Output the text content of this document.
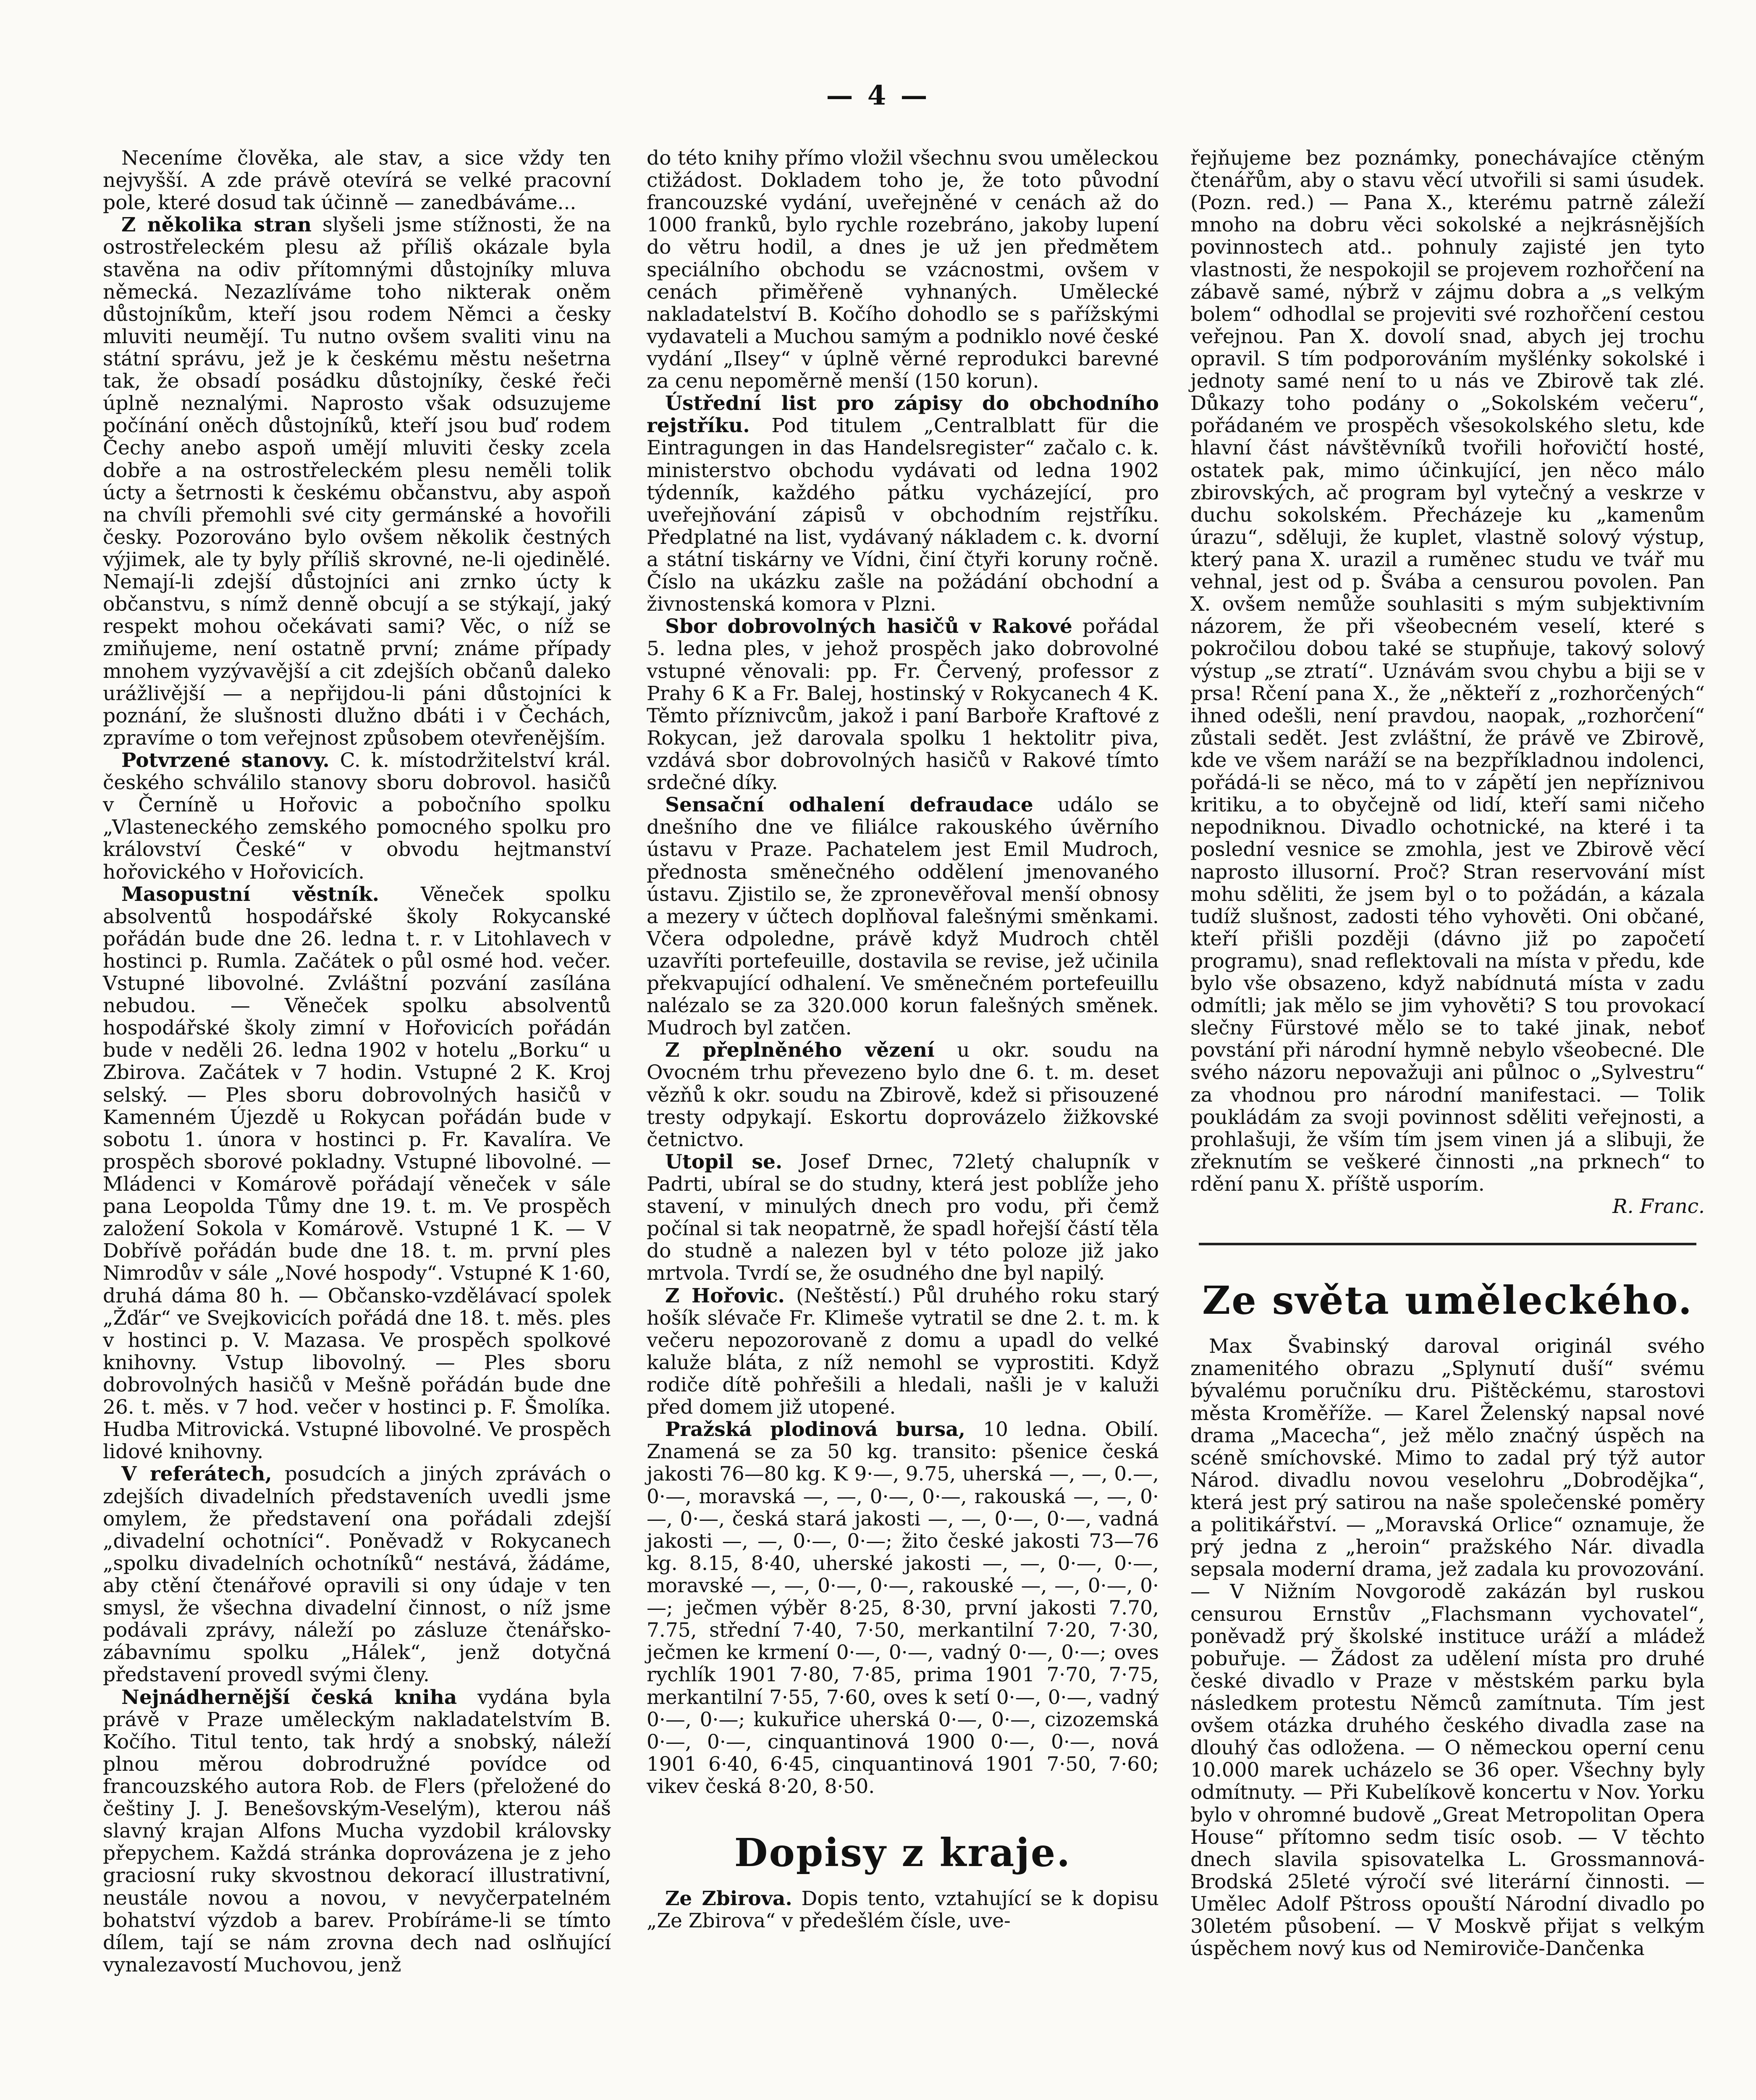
— 4 —

Neceníme člověka, ale stav, a sice vždy ten nejvyšší. A zde právě otevírá se velké pracovní pole, které dosud tak účinně — zanedbáváme...

Z několika stran slyšeli jsme stížnosti, že na ostrostřeleckém plesu až příliš okázale byla stavěna na odiv přítomnými důstojníky mluva německá. Nezazlíváme toho nikterak oněm důstojníkům, kteří jsou rodem Němci a česky mluviti neumějí. Tu nutno ovšem svaliti vinu na státní správu, jež je k českému městu nešetrna tak, že obsadí posádku důstojníky, české řeči úplně neznalými. Naprosto však odsuzujeme počínání oněch důstojníků, kteří jsou buď rodem Čechy anebo aspoň umějí mluviti česky zcela dobře a na ostrostřeleckém plesu neměli tolik úcty a šetrnosti k českému občanstvu, aby aspoň na chvíli přemohli své city germánské a hovořili česky. Pozorováno bylo ovšem několik čestných výjimek, ale ty byly příliš skrovné, ne-li ojedinělé. Nemají-li zdejší důstojníci ani zrnko úcty k občanstvu, s nímž denně obcují a se stýkají, jaký respekt mohou očekávati sami? Věc, o níž se zmiňujeme, není ostatně první; známe případy mnohem vyzývavější a cit zdejších občanů daleko urážlivější — a nepřijdou-li páni důstojníci k poznání, že slušnosti dlužno dbáti i v Čechách, zpravíme o tom veřejnost způsobem otevřenějším.

Potvrzené stanovy. C. k. místodržitelství král. českého schválilo stanovy sboru dobrovol. hasičů v Černíně u Hořovic a pobočního spolku „Vlasteneckého zemského pomocného spolku pro království České“ v obvodu hejtmanství hořovického v Hořovicích.

Masopustní věstník. Věneček spolku absolventů hospodářské školy Rokycanské pořádán bude dne 26. ledna t. r. v Litohlavech v hostinci p. Rumla. Začátek o půl osmé hod. večer. Vstupné libovolné. Zvláštní pozvání zasílána nebudou. — Věneček spolku absolventů hospodářské školy zimní v Hořovicích pořádán bude v neděli 26. ledna 1902 v hotelu „Borku“ u Zbirova. Začátek v 7 hodin. Vstupné 2 K. Kroj selský. — Ples sboru dobrovolných hasičů v Kamenném Újezdě u Rokycan pořádán bude v sobotu 1. února v hostinci p. Fr. Kavalíra. Ve prospěch sborové pokladny. Vstupné libovolné. — Mládenci v Komárově pořádají věneček v sále pana Leopolda Tůmy dne 19. t. m. Ve prospěch založení Sokola v Komárově. Vstupné 1 K. — V Dobřívě pořádán bude dne 18. t. m. první ples Nimrodův v sále „Nové hospody“. Vstupné K 1·60, druhá dáma 80 h. — Občansko-vzdělávací spolek „Žďár“ ve Svejkovicích pořádá dne 18. t. měs. ples v hostinci p. V. Mazasa. Ve prospěch spolkové knihovny. Vstup libovolný. — Ples sboru dobrovolných hasičů v Mešně pořádán bude dne 26. t. měs. v 7 hod. večer v hostinci p. F. Šmolíka. Hudba Mitrovická. Vstupné libovolné. Ve prospěch lidové knihovny.

V referátech, posudcích a jiných zprávách o zdejších divadelních představeních uvedli jsme omylem, že představení ona pořádali zdejší „divadelní ochotníci“. Poněvadž v Rokycanech „spolku divadelních ochotníků“ nestává, žádáme, aby ctění čtenářové opravili si ony údaje v ten smysl, že všechna divadelní činnost, o níž jsme podávali zprávy, náleží po zásluze čtenářsko-zábavnímu spolku „Hálek“, jenž dotyčná představení provedl svými členy.

Nejnádhernější česká kniha vydána byla právě v Praze uměleckým nakladatelstvím B. Kočího. Titul tento, tak hrdý a snobský, náleží plnou měrou dobrodružné povídce od francouzského autora Rob. de Flers (přeložené do češtiny J. J. Benešovským-Veselým), kterou náš slavný krajan Alfons Mucha vyzdobil královsky přepychem. Každá stránka doprovázena je z jeho graciosní ruky skvostnou dekorací illustrativní, neustále novou a novou, v nevyčerpatelném bohatství výzdob a barev. Probíráme-li se tímto dílem, tají se nám zrovna dech nad oslňující vynalezavostí Muchovou, jenž

do této knihy přímo vložil všechnu svou uměleckou ctižádost. Dokladem toho je, že toto původní francouzské vydání, uveřejněné v cenách až do 1000 franků, bylo rychle rozebráno, jakoby lupení do větru hodil, a dnes je už jen předmětem speciálního obchodu se vzácnostmi, ovšem v cenách přiměřeně vyhnaných. Umělecké nakladatelství B. Kočího dohodlo se s pařížskými vydavateli a Muchou samým a podniklo nové české vydání „Ilsey“ v úplně věrné reprodukci barevné za cenu nepoměrně menší (150 korun).

Ústřední list pro zápisy do obchodního rejstříku. Pod titulem „Centralblatt für die Eintragungen in das Handelsregister“ začalo c. k. ministerstvo obchodu vydávati od ledna 1902 týdenník, každého pátku vycházející, pro uveřejňování zápisů v obchodním rejstříku. Předplatné na list, vydávaný nákladem c. k. dvorní a státní tiskárny ve Vídni, činí čtyři koruny ročně. Číslo na ukázku zašle na požádání obchodní a živnostenská komora v Plzni.

Sbor dobrovolných hasičů v Rakové pořádal 5. ledna ples, v jehož prospěch jako dobrovolné vstupné věnovali: pp. Fr. Červený, professor z Prahy 6 K a Fr. Balej, hostinský v Rokycanech 4 K. Těmto příznivcům, jakož i paní Barboře Kraftové z Rokycan, jež darovala spolku 1 hektolitr piva, vzdává sbor dobrovolných hasičů v Rakové tímto srdečné díky.

Sensační odhalení defraudace událo se dnešního dne ve filiálce rakouského úvěrního ústavu v Praze. Pachatelem jest Emil Mudroch, přednosta směnečného oddělení jmenovaného ústavu. Zjistilo se, že zpronevěřoval menší obnosy a mezery v účtech doplňoval falešnými směnkami. Včera odpoledne, právě když Mudroch chtěl uzavříti portefeuille, dostavila se revise, jež učinila překvapující odhalení. Ve směnečném portefeuillu nalézalo se za 320.000 korun falešných směnek. Mudroch byl zatčen.

Z přeplněného vězení u okr. soudu na Ovocném trhu převezeno bylo dne 6. t. m. deset vězňů k okr. soudu na Zbirově, kdež si přisouzené tresty odpykají. Eskortu doprovázelo žižkovské četnictvo.

Utopil se. Josef Drnec, 72letý chalupník v Padrti, ubíral se do studny, která jest poblíže jeho stavení, v minulých dnech pro vodu, při čemž počínal si tak neopatrně, že spadl hořejší částí těla do studně a nalezen byl v této poloze již jako mrtvola. Tvrdí se, že osudného dne byl napilý.

Z Hořovic. (Neštěstí.) Půl druhého roku starý hošík slévače Fr. Klimeše vytratil se dne 2. t. m. k večeru nepozorovaně z domu a upadl do velké kaluže bláta, z níž nemohl se vyprostiti. Když rodiče dítě pohřešili a hledali, našli je v kaluži před domem již utopené.

Pražská plodinová bursa, 10 ledna. Obilí. Znamená se za 50 kg. transito: pšenice česká jakosti 76—80 kg. K 9·—, 9.75, uherská —, —, 0.—, 0·—, moravská —, —, 0·—, 0·—, rakouská —, —, 0·—, 0·—, česká stará jakosti —, —, 0·—, 0·—, vadná jakosti —, —, 0·—, 0·—; žito české jakosti 73—76 kg. 8.15, 8·40, uherské jakosti —, —, 0·—, 0·—, moravské —, —, 0·—, 0·—, rakouské —, —, 0·—, 0·—; ječmen výběr 8·25, 8·30, první jakosti 7.70, 7.75, střední 7·40, 7·50, merkantilní 7·20, 7·30, ječmen ke krmení 0·—, 0·—, vadný 0·—, 0·—; oves rychlík 1901 7·80, 7·85, prima 1901 7·70, 7·75, merkantilní 7·55, 7·60, oves k setí 0·—, 0·—, vadný 0·—, 0·—; kukuřice uherská 0·—, 0·—, cizozemská 0·—, 0·—, cinquantinová 1900 0·—, 0·—, nová 1901 6·40, 6·45, cinquantinová 1901 7·50, 7·60; vikev česká 8·20, 8·50.

Dopisy z kraje.

Ze Zbirova. Dopis tento, vztahující se k dopisu „Ze Zbirova“ v předešlém čísle, uve-

řejňujeme bez poznámky, ponechávajíce ctěným čtenářům, aby o stavu věcí utvořili si sami úsudek. (Pozn. red.) — Pana X., kterému patrně záleží mnoho na dobru věci sokolské a nejkrásnějších povinnostech atd.. pohnuly zajisté jen tyto vlastnosti, že nespokojil se projevem rozhořčení na zábavě samé, nýbrž v zájmu dobra a „s velkým bolem“ odhodlal se projeviti své rozhořčení cestou veřejnou. Pan X. dovolí snad, abych jej trochu opravil. S tím podporováním myšlénky sokolské i jednoty samé není to u nás ve Zbirově tak zlé. Důkazy toho podány o „Sokolském večeru“, pořádaném ve prospěch všesokolského sletu, kde hlavní část návštěvníků tvořili hořovičtí hosté, ostatek pak, mimo účinkující, jen něco málo zbirovských, ač program byl vytečný a veskrze v duchu sokolském. Přecházeje ku „kamenům úrazu“, sděluji, že kuplet, vlastně solový výstup, který pana X. urazil a ruměnec studu ve tvář mu vehnal, jest od p. Švába a censurou povolen. Pan X. ovšem nemůže souhlasiti s mým subjektivním názorem, že při všeobecném veselí, které s pokročilou dobou také se stupňuje, takový solový výstup „se ztratí“. Uznávám svou chybu a biji se v prsa! Rčení pana X., že „někteří z „rozhorčených“ ihned odešli, není pravdou, naopak, „rozhorčení“ zůstali sedět. Jest zvláštní, že právě ve Zbirově, kde ve všem naráží se na bezpříkladnou indolenci, pořádá-li se něco, má to v zápětí jen nepříznivou kritiku, a to obyčejně od lidí, kteří sami ničeho nepodniknou. Divadlo ochotnické, na které i ta poslední vesnice se zmohla, jest ve Zbirově věcí naprosto illusorní. Proč? Stran reservování míst mohu sděliti, že jsem byl o to požádán, a kázala tudíž slušnost, zadosti tého vyhověti. Oni občané, kteří přišli později (dávno již po započetí programu), snad reflektovali na místa v předu, kde bylo vše obsazeno, když nabídnutá místa v zadu odmítli; jak mělo se jim vyhověti? S tou provokací slečny Fürstové mělo se to také jinak, neboť povstání při národní hymně nebylo všeobecné. Dle svého názoru nepovažuji ani půlnoc o „Sylvestru“ za vhodnou pro národní manifestaci. — Tolik poukládám za svoji povinnost sděliti veřejnosti, a prohlašuji, že vším tím jsem vinen já a slibuji, že zřeknutím se veškeré činnosti „na prknech“ to rdění panu X. příště usporím.

R. Franc.

Ze světa uměleckého.

Max Švabinský daroval originál svého znamenitého obrazu „Splynutí duší“ svému bývalému poručníku dru. Pištěckému, starostovi města Kroměříže. — Karel Želenský napsal nové drama „Macecha“, jež mělo značný úspěch na scéně smíchovské. Mimo to zadal prý týž autor Národ. divadlu novou veselohru „Dobrodějka“, která jest prý satirou na naše společenské poměry a politikářství. — „Moravská Orlice“ oznamuje, že prý jedna z „heroin“ pražského Nár. divadla sepsala moderní drama, jež zadala ku provozování. — V Nižním Novgorodě zakázán byl ruskou censurou Ernstův „Flachsmann vychovatel“, poněvadž prý školské instituce uráží a mládež pobuřuje. — Žádost za udělení místa pro druhé české divadlo v Praze v městském parku byla následkem protestu Němců zamítnuta. Tím jest ovšem otázka druhého českého divadla zase na dlouhý čas odložena. — O německou operní cenu 10.000 marek ucházelo se 36 oper. Všechny byly odmítnuty. — Při Kubelíkově koncertu v Nov. Yorku bylo v ohromné budově „Great Metropolitan Opera House“ přítomno sedm tisíc osob. — V těchto dnech slavila spisovatelka L. Grossmannová-Brodská 25leté výročí své literární činnosti. — Umělec Adolf Pštross opouští Národní divadlo po 30letém působení. — V Moskvě přijat s velkým úspěchem nový kus od Nemiroviče-Dančenka
